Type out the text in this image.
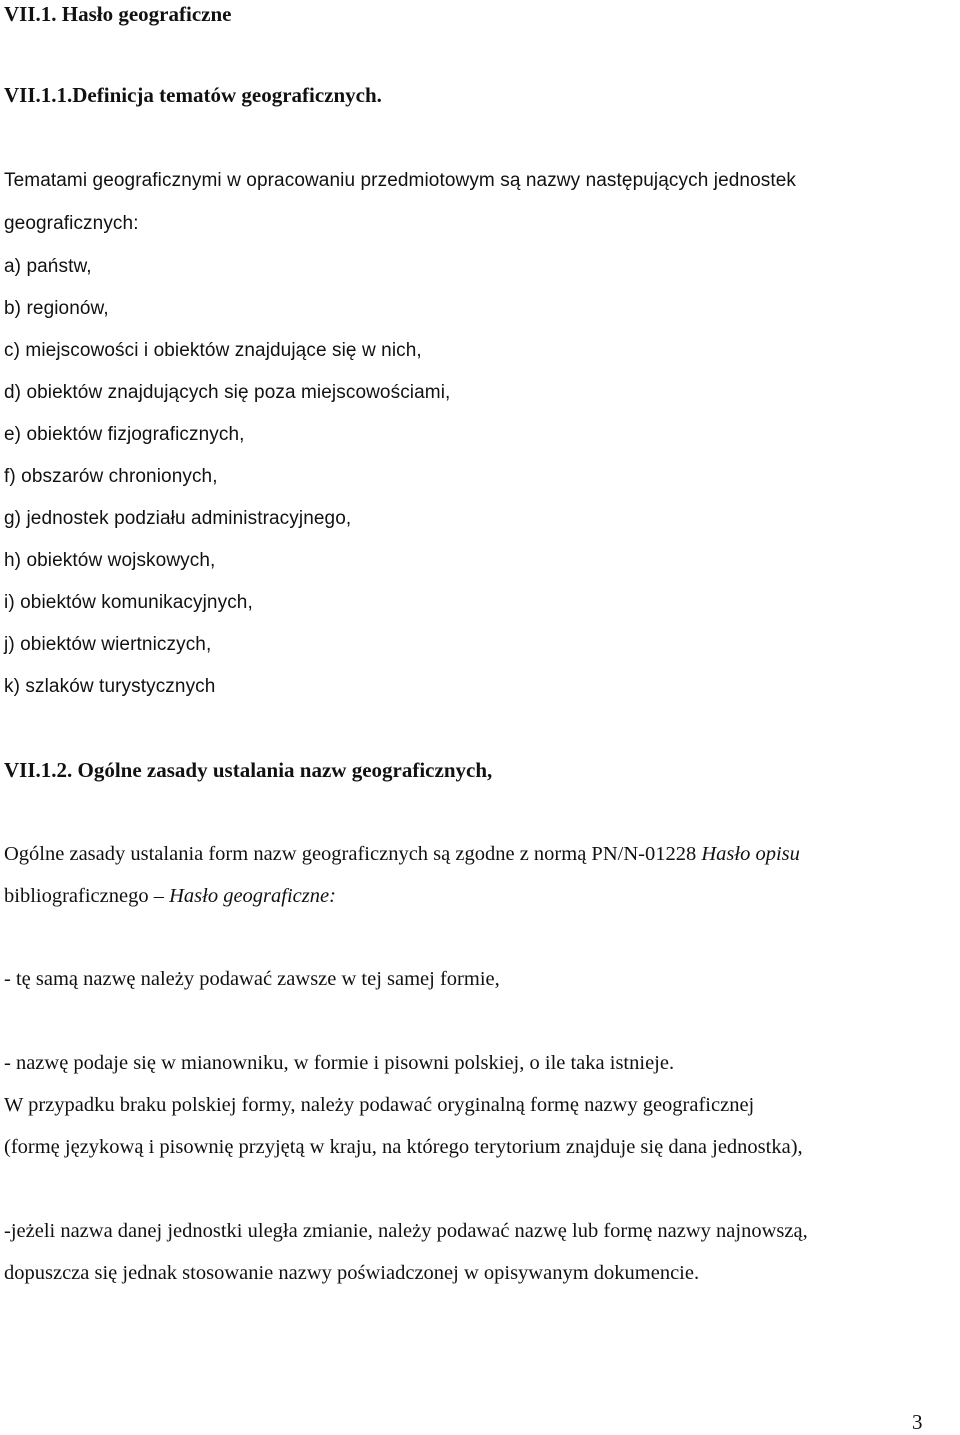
VII.1. Hasło geograficzne
VII.1.1.Definicja tematów geograficznych.
Tematami geograficznymi w opracowaniu przedmiotowym są nazwy następujących jednostek
geograficznych:
a) państw,
b) regionów,
c) miejscowości i obiektów znajdujące się w nich,
d) obiektów znajdujących się poza miejscowościami,
e) obiektów fizjograficznych,
f) obszarów chronionych,
g) jednostek podziału administracyjnego,
h) obiektów wojskowych,
i) obiektów komunikacyjnych,
j) obiektów wiertniczych,
k) szlaków turystycznych
VII.1.2. Ogólne zasady ustalania nazw geograficznych,
Ogólne zasady ustalania form nazw geograficznych są zgodne z normą PN/N-01228 Hasło opisu
bibliograficznego – Hasło geograficzne:
- tę samą nazwę należy podawać zawsze w tej samej formie,
- nazwę podaje się w mianowniku, w formie i pisowni polskiej, o ile taka istnieje.
W przypadku braku polskiej formy, należy podawać oryginalną formę nazwy geograficznej
(formę językową i pisownię przyjętą w kraju, na którego terytorium znajduje się dana jednostka),
-jeżeli nazwa danej jednostki uległa zmianie, należy podawać nazwę lub formę nazwy najnowszą,
dopuszcza się jednak stosowanie nazwy poświadczonej w opisywanym dokumencie.
3
